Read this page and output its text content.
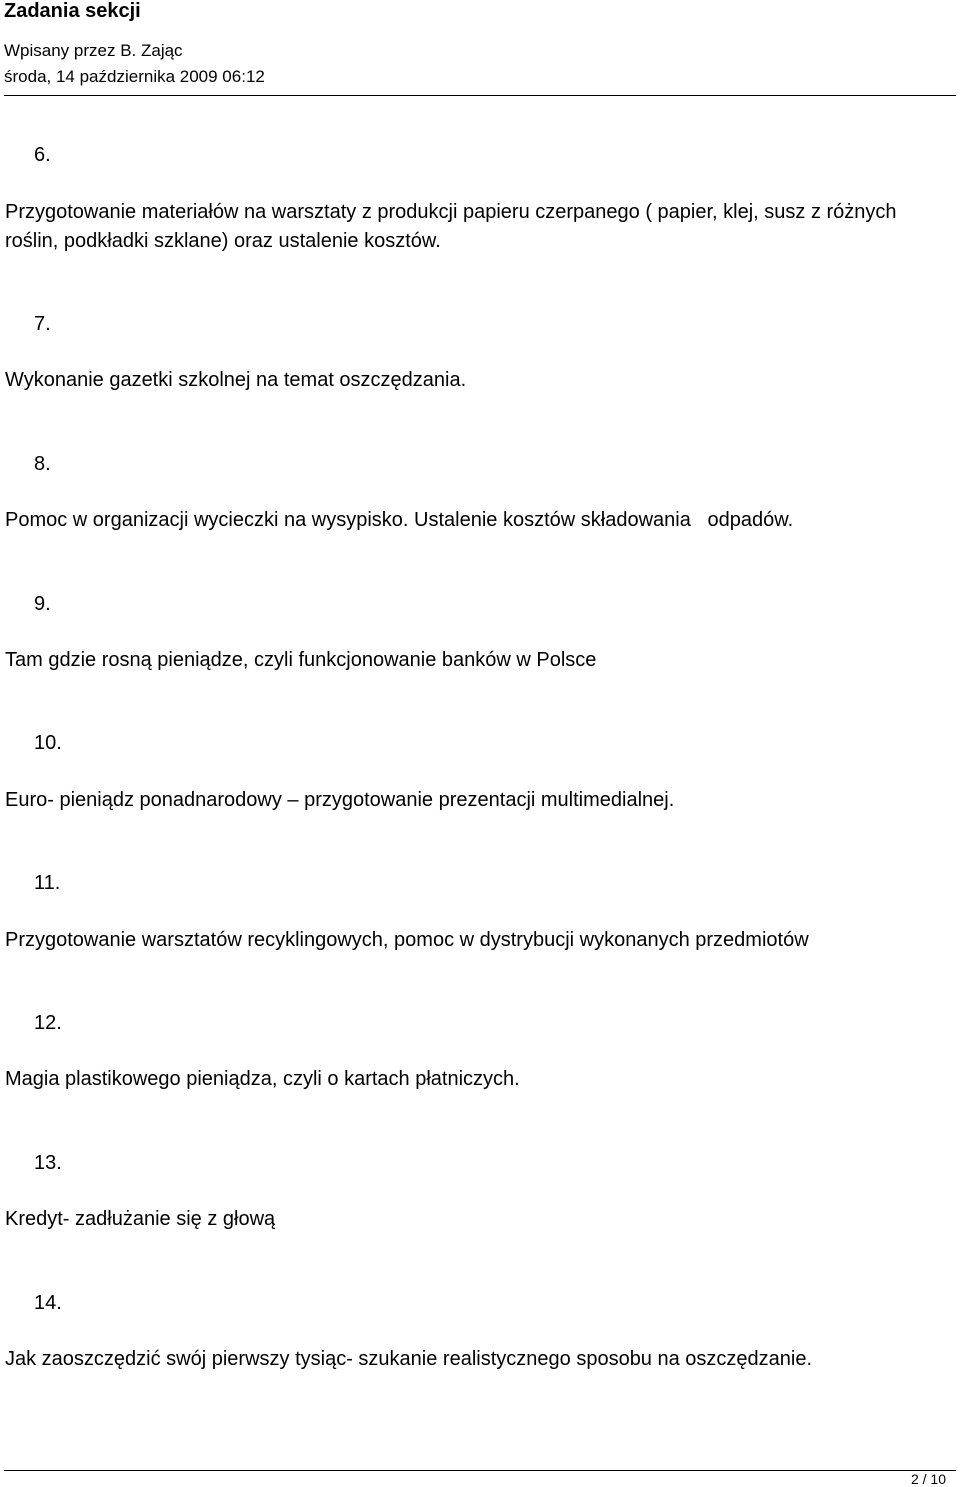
Zadania sekcji
Wpisany przez B. Zając
środa, 14 października 2009 06:12
6.
Przygotowanie materiałów na warsztaty z produkcji papieru czerpanego ( papier, klej, susz z różnych roślin, podkładki szklane) oraz ustalenie kosztów.
7.
Wykonanie gazetki szkolnej na temat oszczędzania.
8.
Pomoc w organizacji wycieczki na wysypisko. Ustalenie kosztów składowania   odpadów.
9.
Tam gdzie rosną pieniądze, czyli funkcjonowanie banków w Polsce
10.
Euro- pieniądz ponadnarodowy – przygotowanie prezentacji multimedialnej.
11.
Przygotowanie warsztatów recyklingowych, pomoc w dystrybucji wykonanych przedmiotów
12.
Magia plastikowego pieniądza, czyli o kartach płatniczych.
13.
Kredyt- zadłużanie się z głową
14.
Jak zaoszczędzić swój pierwszy tysiąc- szukanie realistycznego sposobu na oszczędzanie.
2 / 10
